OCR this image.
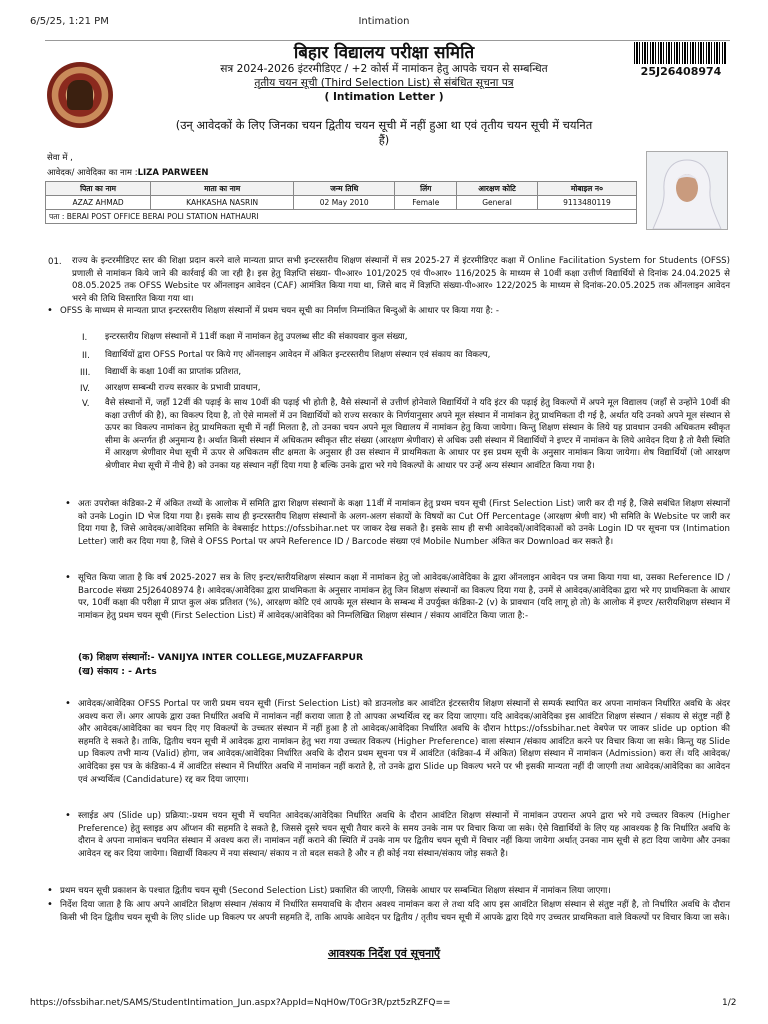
6/5/25, 1:21 PM	Intimation
बिहार विद्यालय परीक्षा समिति
सत्र 2024-2026 इंटरमीडिएट / +2 कोर्स में नामांकन हेतु आपके चयन से सम्बन्धित
तृतीय चयन सूची (Third Selection List) से संबंधित सूचना पत्र
( Intimation Letter )
(उन् आवेदकों के लिए जिनका चयन द्वितीय चयन सूची में नहीं हुआ था एवं तृतीय चयन सूची में चयनित
हैं)
25J26408974
सेवा में ,
आवेदक/ आवेदिका का नाम :LIZA PARWEEN
पिता का नाम	माता का नाम	जन्म तिथि	लिंग	आरक्षण कोटि	मोबाइल न०
AZAZ AHMAD	KAHKASHA NASRIN	02 May 2010	Female	General	9113480119
पता : BERAI POST OFFICE BERAI POLI STATION HATHAURI					
01. राज्य के इन्टरमीडिएट स्तर की शिक्षा प्रदान करने वाले मान्यता प्राप्त सभी इन्टरस्तरीय शिक्षण संस्थानों में सत्र 2025-27 में इंटरमीडिएट कक्षा में Online Facilitation System for Students (OFSS) प्रणाली से नामांकन किये जाने की कार्रवाई की जा रही है। इस हेतु विज्ञप्ति संख्या- पी०आर० 101/2025 एवं पी०आर० 116/2025 के माध्यम से 10वीं कक्षा उत्तीर्ण विद्यार्थियों से दिनांक 24.04.2025 से 08.05.2025 तक OFSS Website पर ऑनलाइन आवेदन (CAF) आमंत्रित किया गया था, जिसे बाद में विज्ञप्ति संख्या-पी०आर० 122/2025 के माध्यम से दिनांक-20.05.2025 तक ऑनलाइन आवेदन भरने की तिथि विस्तारित किया गया था।
• OFSS के माध्यम से मान्यता प्राप्त इन्टरस्तरीय शिक्षण संस्थानों में प्रथम चयन सूची का निर्माण निम्नांकित बिन्दुओं के आधार पर किया गया है: -
I. इन्टरस्तरीय शिक्षण संस्थानों में 11वीं कक्षा में नामांकन हेतु उपलब्ध सीट की संकायवार कुल संख्या,
II. विद्यार्थियों द्वारा OFSS Portal पर किये गए ऑनलाइन आवेदन में अंकित इन्टरस्तरीय शिक्षण संस्थान एवं संकाय का विकल्प,
III. विद्यार्थी के कक्षा 10वीं का प्राप्तांक प्रतिशत,
IV. आरक्षण सम्बन्धी राज्य सरकार के प्रभावी प्रावधान,
V. वैसे संस्थानों में, जहाँ 12वीं की पढ़ाई के साथ 10वीं की पढ़ाई भी होती है, वैसे संस्थानों से उत्तीर्ण होनेवाले विद्यार्थियों ने यदि इंटर की पढ़ाई हेतु विकल्पों में अपने मूल विद्यालय (जहाँ से उन्होंने 10वीं की कक्षा उत्तीर्ण की है), का विकल्प दिया है, तो ऐसे मामलों में उन विद्यार्थियों को राज्य सरकार के निर्णयानुसार अपने मूल संस्थान में नामांकन हेतु प्राथमिकता दी गई है, अर्थात यदि उनको अपने मूल संस्थान से ऊपर का विकल्प नामांकन हेतु प्राथमिकता सूची में नहीं मिलता है, तो उनका चयन अपने मूल विद्यालय में नामांकन हेतु किया जायेगा। किन्तु शिक्षण संस्थान के लिये यह प्रावधान उनकी अधिकतम स्वीकृत सीमा के अन्तर्गत ही अनुमान्य है। अर्थात किसी संस्थान में अधिकतम स्वीकृत सीट संख्या (आरक्षण श्रेणीवार) से अधिक उसी संस्थान में विद्यार्थियों ने इण्टर में नामांकन के लिये आवेदन दिया है तो वैसी स्थिति में आरक्षण श्रेणीवार मेधा सूची में ऊपर से अधिकतम सीट क्षमता के अनुसार ही उस संस्थान में प्राथमिकता के आधार पर इस प्रथम सूची के अनुसार नामांकन किया जायेगा। शेष विद्यार्थियों (जो आरक्षण श्रेणीवार मेधा सूची में नीचे है) को उनका यह संस्थान नहीं दिया गया है बल्कि उनके द्वारा भरे गये विकल्पों के आधार पर उन्हें अन्य संस्थान आवंटित किया गया है।
• अतः उपरोक्त कंडिका-2 में अंकित तथ्यों के आलोक में समिति द्वारा शिक्षण संस्थानों के कक्षा 11वीं में नामांकन हेतु प्रथम चयन सूची (First Selection List) जारी कर दी गई है, जिसे सबंधित शिक्षण संस्थानों को उनके Login ID भेज दिया गया है। इसके साथ ही इन्टरस्तरीय शिक्षण संस्थानों के अलग-अलग संकायों के विषयों का Cut Off Percentage (आरक्षण श्रेणी वार) भी समिति के Website पर जारी कर दिया गया है, जिसे आवेदक/आवेदिका समिति के वेबसाईट https://ofssbihar.net पर जाकर देख सकते है। इसके साथ ही सभी आवेदकों/आवेदिकाओं को उनके Login ID पर सूचना पत्र (Intimation Letter) जारी कर दिया गया है, जिसे वे OFSS Portal पर अपने Reference ID / Barcode संख्या एवं Mobile Number अंकित कर Download कर सकते है।
• सूचित किया जाता है कि वर्ष 2025-2027 सत्र के लिए इन्टर/स्तरीयशिक्षण संस्थान कक्षा में नामांकन हेतु जो आवेदक/आवेदिका के द्वारा ऑनलाइन आवेदन पत्र जमा किया गया था, उसका Reference ID / Barcode संख्या 25J26408974 है। आवेदक/आवेदिका द्वारा प्राथमिकता के अनुसार नामांकन हेतु जिन शिक्षण संस्थानों का विकल्प दिया गया है, उनमें से आवेदक/आवेदिका द्वारा भरे गए प्राथमिकता के आधार पर, 10वीं कक्षा की परीक्षा में प्राप्त कुल अंक प्रतिशत (%), आरक्षण कोटि एवं आपके मूल संस्थान के सम्बन्ध में उपर्युक्त कंडिका-2 (v) के प्रावधान (यदि लागू हो तो) के आलोक में इण्टर /स्तरीयशिक्षण संस्थान में नामांकन हेतु प्रथम चयन सूची (First Selection List) में आवेदक/आवेदिका को निम्नलिखित शिक्षण संस्थान / संकाय आवंटित किया जाता है:-
(क) शिक्षण संस्थानों:- VANIJYA INTER COLLEGE,MUZAFFARPUR
(ख) संकाय : - Arts
• आवेदक/आवेदिका OFSS Portal पर जारी प्रथम चयन सूची (First Selection List) को डाउनलोड कर आवंटित इंटरस्तरीय शिक्षण संस्थानों से सम्पर्क स्थापित कर अपना नामांकन निर्धारित अवधि के अंदर अवश्य करा लें। अगर आपके द्वारा उक्त निर्धारित अवधि में नामांकन नहीं कराया जाता है तो आपका अभ्यर्थित्व रद्द कर दिया जाएगा। यदि आवेदक/आवेदिका इस आवंटित शिक्षण संस्थान / संकाय से संतुष्ट नहीं है और आवेदक/आवेदिका का चयन दिए गए विकल्पों के उच्चतर संस्थान में नहीं हुआ है तो आवेदक/आवेदिका निर्धारित अवधि के दौरान https://ofssbihar.net वेबपेज पर जाकर slide up option की सहमति दे सकते है। ताकि, द्वितीय चयन सूची में आवेदक द्वारा नामांकन हेतु भरा गया उच्चतर विकल्प (Higher Preference) वाला संस्थान /संकाय आवंटित करने पर विचार किया जा सके। किन्तु यह Slide up विकल्प तभी मान्य (Valid) होगा, जब आवेदक/आवेदिका निर्धारित अवधि के दौरान प्रथम सूचना पत्र में आवंटित (कंडिका-4 में अंकित) शिक्षण संस्थान में नामांकन (Admission) करा लें। यदि आवेदक/आवेदिका इस पत्र के कंडिका-4 में आवंटित संस्थान में निर्धारित अवधि में नामांकन नहीं कराते है, तो उनके द्वारा Slide up विकल्प भरने पर भी इसकी मान्यता नहीं दी जाएगी तथा आवेदक/आवेदिका का आवेदन एवं अभ्यर्थित्व (Candidature) रद्द कर दिया जाएगा।
• स्लाईड अप (Slide up) प्रक्रिया:-प्रथम चयन सूची में चयनित आवेदक/आवेदिका निर्धारित अवधि के दौरान आवंटित शिक्षण संस्थानों में नामांकन उपरान्त अपने द्वारा भरे गये उच्चतर विकल्प (Higher Preference) हेतु स्लाइड अप ऑप्शन की सहमति दे सकते है, जिससे दूसरे चयन सूची तैयार करने के समय उनके नाम पर विचार किया जा सके। ऐसे विद्यार्थियों के लिए यह आवश्यक है कि निर्धारित अवधि के दौरान वे अपना नामांकन चयनित संस्थान में अवश्य करा लें। नामांकन नहीं कराने की स्थिति में उनके नाम पर द्वितीय चयन सूची में विचार नहीं किया जायेगा अर्थात् उनका नाम सूची से हटा दिया जायेगा और उनका आवेदन रद्द कर दिया जायेगा। विद्यार्थी विकल्प में नया संस्थान/ संकाय न तो बदल सकते है और न ही कोई नया संस्थान/संकाय जोड़ सकते है।
• प्रथम चयन सूची प्रकाशन के पश्चात द्वितीय चयन सूची (Second Selection List) प्रकाशित की जाएगी, जिसके आधार पर सम्बन्धित शिक्षण संस्थान में नामांकन लिया जाएगा।
• निर्देश दिया जाता है कि आप अपने आवंटित शिक्षण संस्थान /संकाय में निर्धारित समयावधि के दौरान अवश्य नामांकन करा ले तथा यदि आप इस आवंटित शिक्षण संस्थान से संतुष्ट नहीं है, तो निर्धारित अवधि के दौरान किसी भी दिन द्वितीय चयन सूची के लिए slide up विकल्प पर अपनी सहमति दें, ताकि आपके आवेदन पर द्वितीय / तृतीय चयन सूची में आपके द्वारा दिये गए उच्चतर प्राथमिकता वाले विकल्पों पर विचार किया जा सके।
आवश्यक निर्देश एवं सूचनाएँ
https://ofssbihar.net/SAMS/StudentIntimation_Jun.aspx?AppId=NqH0w/T0Gr3R/pzt5zRZFQ==	1/2
